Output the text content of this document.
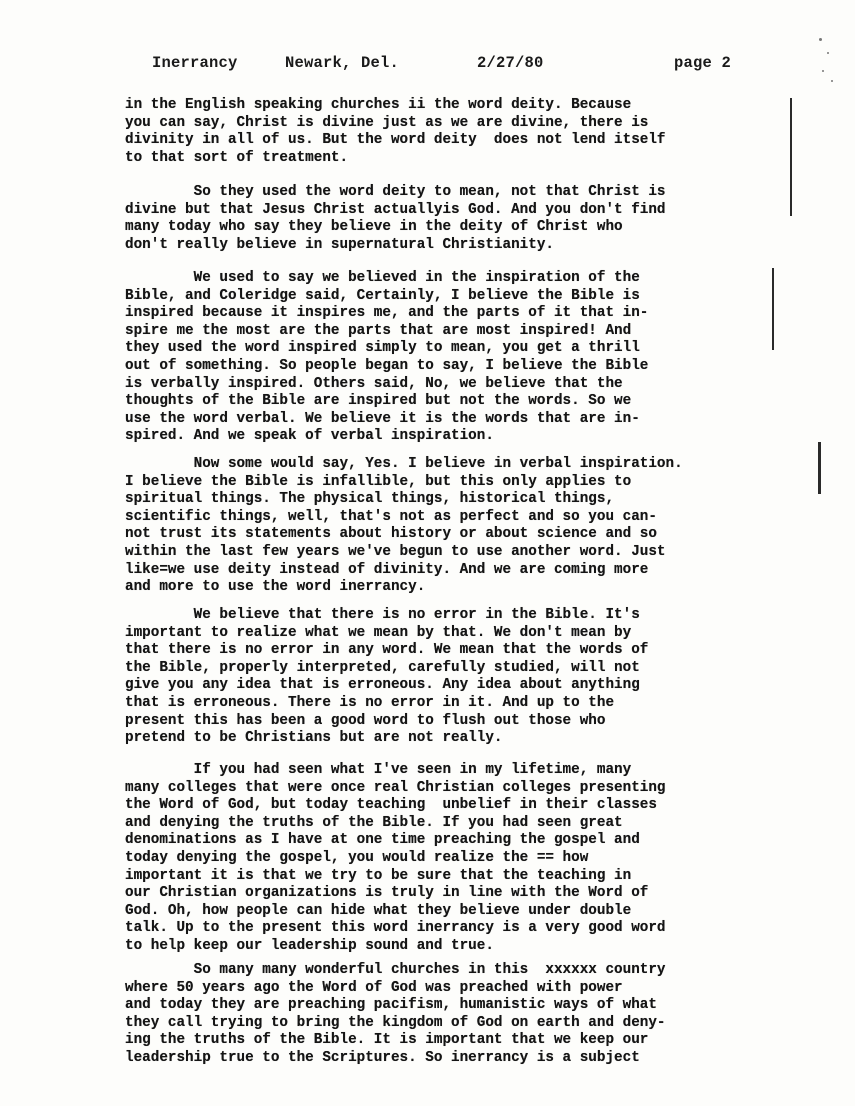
Inerrancy	Newark, Del.	2/27/80	page 2

in the English speaking churches ii the word deity. Because
you can say, Christ is divine just as we are divine, there is
divinity in all of us. But the word deity  does not lend itself
to that sort of treatment.

So they used the word deity to mean, not that Christ is
divine but that Jesus Christ actuallyis God. And you don't find
many today who say they believe in the deity of Christ who
don't really believe in supernatural Christianity.

We used to say we believed in the inspiration of the
Bible, and Coleridge said, Certainly, I believe the Bible is
inspired because it inspires me, and the parts of it that in-
spire me the most are the parts that are most inspired! And
they used the word inspired simply to mean, you get a thrill
out of something. So people began to say, I believe the Bible
is verbally inspired. Others said, No, we believe that the
thoughts of the Bible are inspired but not the words. So we
use the word verbal. We believe it is the words that are in-
spired. And we speak of verbal inspiration.

Now some would say, Yes. I believe in verbal inspiration.
I believe the Bible is infallible, but this only applies to
spiritual things. The physical things, historical things,
scientific things, well, that's not as perfect and so you can-
not trust its statements about history or about science and so
within the last few years we've begun to use another word. Just
like=we use deity instead of divinity. And we are coming more
and more to use the word inerrancy.

We believe that there is no error in the Bible. It's
important to realize what we mean by that. We don't mean by
that there is no error in any word. We mean that the words of
the Bible, properly interpreted, carefully studied, will not
give you any idea that is erroneous. Any idea about anything
that is erroneous. There is no error in it. And up to the
present this has been a good word to flush out those who
pretend to be Christians but are not really.

If you had seen what I've seen in my lifetime, many
many colleges that were once real Christian colleges presenting
the Word of God, but today teaching  unbelief in their classes
and denying the truths of the Bible. If you had seen great
denominations as I have at one time preaching the gospel and
today denying the gospel, you would realize the == how
important it is that we try to be sure that the teaching in
our Christian organizations is truly in line with the Word of
God. Oh, how people can hide what they believe under double
talk. Up to the present this word inerrancy is a very good word
to help keep our leadership sound and true.

So many many wonderful churches in this  xxxxxx country
where 50 years ago the Word of God was preached with power
and today they are preaching pacifism, humanistic ways of what
they call trying to bring the kingdom of God on earth and deny-
ing the truths of the Bible. It is important that we keep our
leadership true to the Scriptures. So inerrancy is a subject
